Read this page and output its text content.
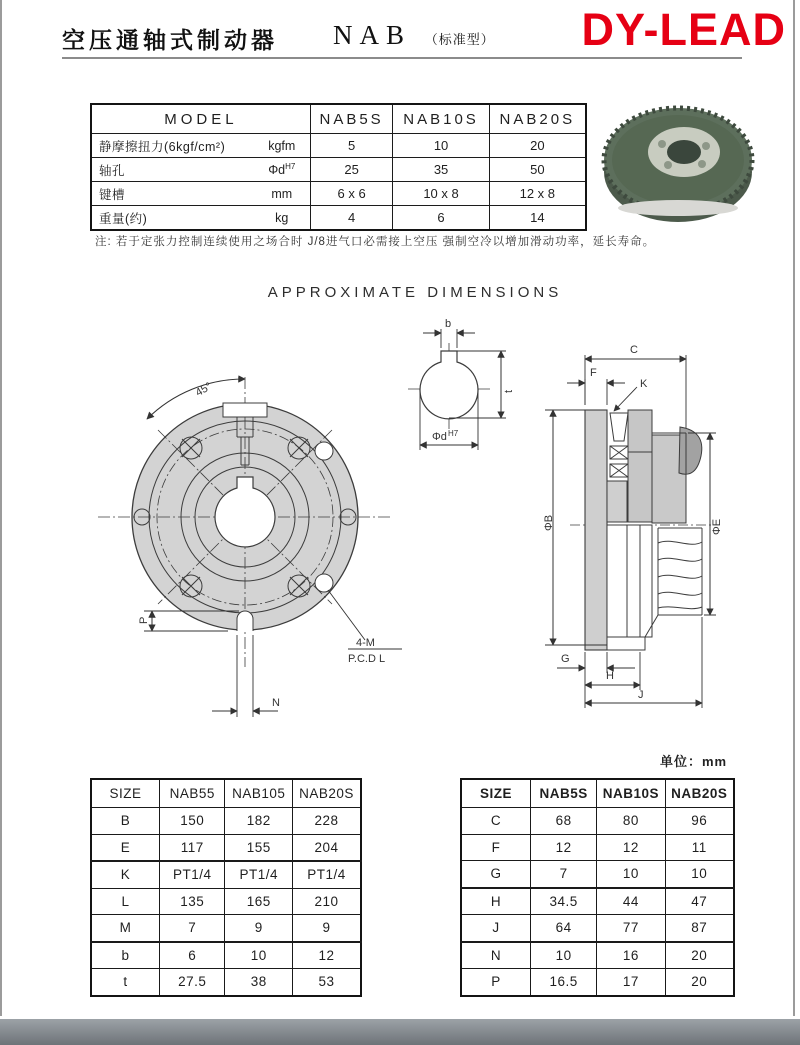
空压通轴式制动器 NAB （标准型） DY-LEAD
MODEL		NAB5S	NAB10S	NAB20S
静摩擦扭力(6kgf/cm²)	kgfm	5	10	20
轴孔	$\Phi d^{H7}$	25	35	50
键槽	mm	6 x 6	10 x 8	12 x 8
重量(约)	kg	4	6	14
注: 若于定张力控制连续使用之场合时 J/8进气口必需接上空压 强制空冷以增加滑动功率，延长寿命。
APPROXIMATE DIMENSIONS
45°
P
N
4-M
P.C.D L
b
t
Φd H7
C
F
K
ΦB	ΦE
G
H
J
单位：mm
SIZE	NAB55	NAB105	NAB20S
B	150	182	228
E	117	155	204
K	PT1/4	PT1/4	PT1/4
L	135	165	210
M	7	9	9
b	6	10	12
t	27.5	38	53
SIZE	NAB5S	NAB10S	NAB20S
C	68	80	96
F	12	12	11
G	7	10	10
H	34.5	44	47
J	64	77	87
N	10	16	20
P	16.5	17	20
